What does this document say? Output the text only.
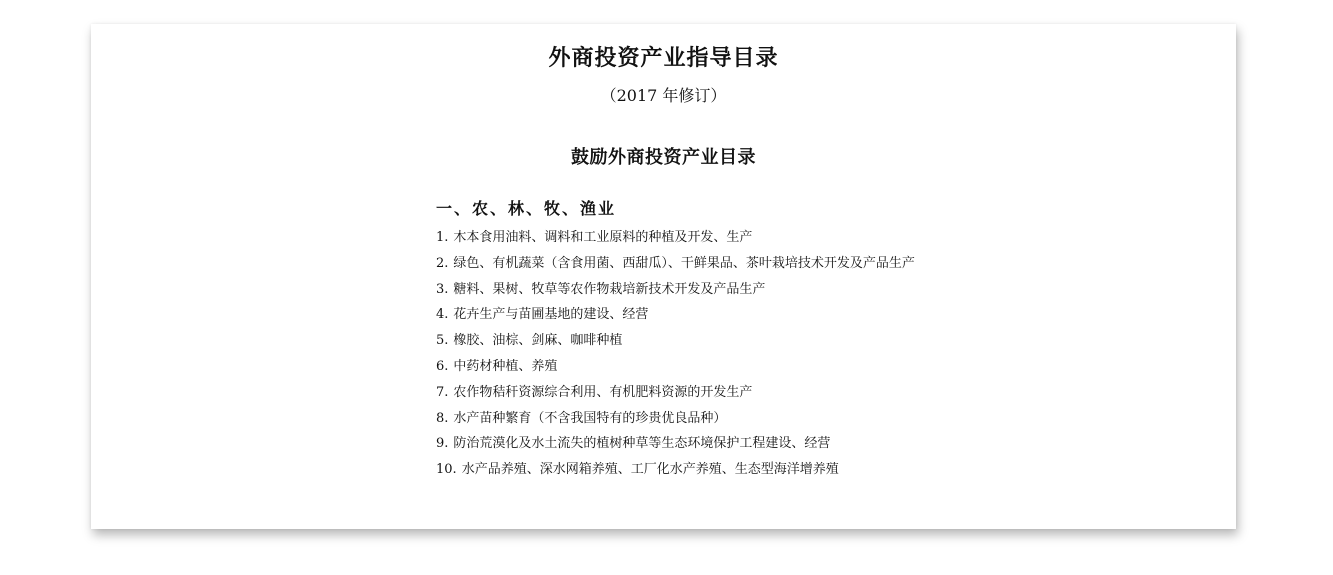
外商投资产业指导目录
（2017 年修订）
鼓励外商投资产业目录
一、农、林、牧、渔业
1. 木本食用油料、调料和工业原料的种植及开发、生产
2. 绿色、有机蔬菜（含食用菌、西甜瓜）、干鲜果品、茶叶栽培技术开发及产品生产
3. 糖料、果树、牧草等农作物栽培新技术开发及产品生产
4. 花卉生产与苗圃基地的建设、经营
5. 橡胶、油棕、剑麻、咖啡种植
6. 中药材种植、养殖
7. 农作物秸秆资源综合利用、有机肥料资源的开发生产
8. 水产苗种繁育（不含我国特有的珍贵优良品种）
9. 防治荒漠化及水土流失的植树种草等生态环境保护工程建设、经营
10. 水产品养殖、深水网箱养殖、工厂化水产养殖、生态型海洋增养殖
